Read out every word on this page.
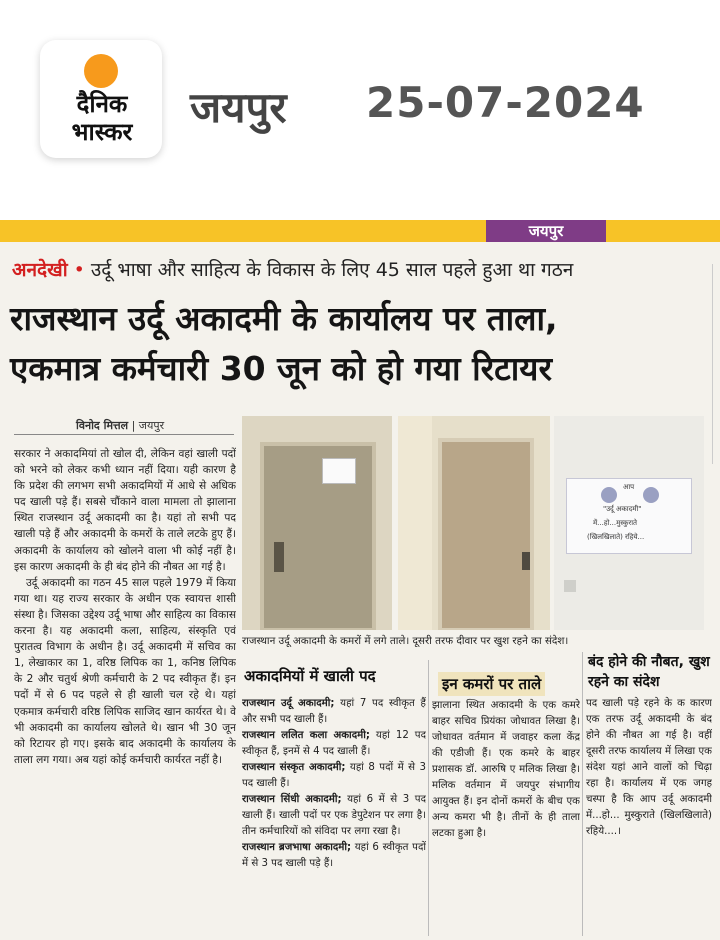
दैनिक भास्कर	जयपुर 25-07-2024
जयपुर
अनदेखी • उर्दू भाषा और साहित्य के विकास के लिए 45 साल पहले हुआ था गठन
राजस्थान उर्दू अकादमी के कार्यालय पर ताला,
एकमात्र कर्मचारी 30 जून को हो गया रिटायर
विनोद मित्तल | जयपुर

सरकार ने अकादमियां तो खोल दी, लेकिन वहां खाली पदों को भरने को लेकर कभी ध्यान नहीं दिया। यही कारण है कि प्रदेश की लगभग सभी अकादमियों में आधे से अधिक पद खाली पड़े हैं। सबसे चौंकाने वाला मामला तो झालाना स्थित राजस्थान उर्दू अकादमी का है। यहां तो सभी पद खाली पड़े हैं और अकादमी के कमरों के ताले लटके हुए हैं। अकादमी के कार्यालय को खोलने वाला भी कोई नहीं है। इस कारण अकादमी के ही बंद होने की नौबत आ गई है।

उर्दू अकादमी का गठन 45 साल पहले 1979 में किया गया था। यह राज्य सरकार के अधीन एक स्वायत्त शासी संस्था है। जिसका उद्देश्य उर्दू भाषा और साहित्य का विकास करना है। यह अकादमी कला, साहित्य, संस्कृति एवं पुरातत्व विभाग के अधीन है। उर्दू अकादमी में सचिव का 1, लेखाकार का 1, वरिष्ठ लिपिक का 1, कनिष्ठ लिपिक के 2 और चतुर्थ श्रेणी कर्मचारी के 2 पद स्वीकृत हैं। इन पदों में से 6 पद पहले से ही खाली चल रहे थे। यहां एकमात्र कर्मचारी वरिष्ठ लिपिक साजिद खान कार्यरत थे। वे भी अकादमी का कार्यालय खोलते थे। खान भी 30 जून को रिटायर हो गए। इसके बाद अकादमी के कार्यालय के ताला लग गया। अब यहां कोई कर्मचारी कार्यरत नहीं है।

आप
"उर्दू अकादमी"
में...हो...मुस्कुराते
(खिलखिलाते) रहिये...
राजस्थान उर्दू अकादमी के कमरों में लगे ताले। दूसरी तरफ दीवार पर खुश रहने का संदेश।
अकादमियों में खाली पद
राजस्थान उर्दू अकादमी; यहां 7 पद स्वीकृत हैं और सभी पद खाली हैं।
राजस्थान ललित कला अकादमी; यहां 12 पद स्वीकृत हैं, इनमें से 4 पद खाली हैं।
राजस्थान संस्कृत अकादमी; यहां 8 पदों में से 3 पद खाली हैं।
राजस्थान सिंधी अकादमी; यहां 6 में से 3 पद खाली हैं। खाली पदों पर एक डेपुटेशन पर लगा है। तीन कर्मचारियों को संविदा पर लगा रखा है।
राजस्थान ब्रजभाषा अकादमी; यहां 6 स्वीकृत पदों में से 3 पद खाली पड़े हैं।
इन कमरों पर ताले
झालाना स्थित अकादमी के एक कमरे बाहर सचिव प्रियंका जोधावत लिखा है। जोधावत वर्तमान में जवाहर कला केंद्र की एडीजी हैं। एक कमरे के बाहर प्रशासक डॉ. आरुषि ए मलिक लिखा है। मलिक वर्तमान में जयपुर संभागीय आयुक्त हैं। इन दोनों कमरों के बीच एक अन्य कमरा भी है। तीनों के ही ताला लटका हुआ है।
बंद होने की नौबत, खुश रहने का संदेश
पद खाली पड़े रहने के क कारण एक तरफ उर्दू अकादमी के बंद होने की नौबत आ गई है। वहीं दूसरी तरफ कार्यालय में लिखा एक संदेश यहां आने वालों को चिढ़ा रहा है। कार्यालय में एक जगह चस्पा है कि आप उर्दू अकादमी में...हो... मुस्कुराते (खिलखिलाते) रहिये....।
